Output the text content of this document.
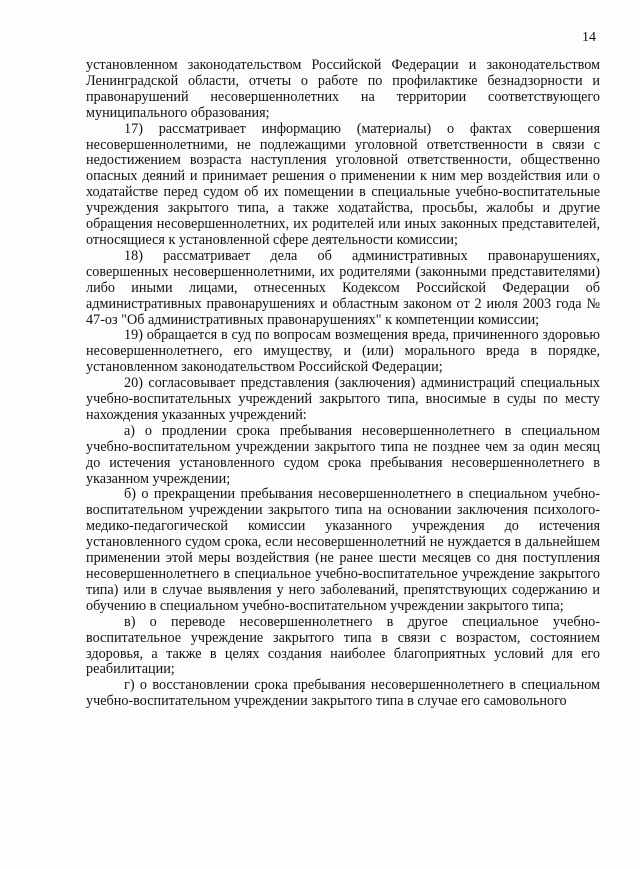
14

установленном законодательством Российской Федерации и законодательством Ленинградской области, отчеты о работе по профилактике безнадзорности и правонарушений несовершеннолетних на территории соответствующего муниципального образования;

17) рассматривает информацию (материалы) о фактах совершения несовершеннолетними, не подлежащими уголовной ответственности в связи с недостижением возраста наступления уголовной ответственности, общественно опасных деяний и принимает решения о применении к ним мер воздействия или о ходатайстве перед судом об их помещении в специальные учебно-воспитательные учреждения закрытого типа, а также ходатайства, просьбы, жалобы и другие обращения несовершеннолетних, их родителей или иных законных представителей, относящиеся к установленной сфере деятельности комиссии;

18) рассматривает дела об административных правонарушениях, совершенных несовершеннолетними, их родителями (законными представителями) либо иными лицами, отнесенных Кодексом Российской Федерации об административных правонарушениях и областным законом от 2 июля 2003 года № 47-оз "Об административных правонарушениях" к компетенции комиссии;

19) обращается в суд по вопросам возмещения вреда, причиненного здоровью несовершеннолетнего, его имуществу, и (или) морального вреда в порядке, установленном законодательством Российской Федерации;

20) согласовывает представления (заключения) администраций специальных учебно-воспитательных учреждений закрытого типа, вносимые в суды по месту нахождения указанных учреждений:

а) о продлении срока пребывания несовершеннолетнего в специальном учебно-воспитательном учреждении закрытого типа не позднее чем за один месяц до истечения установленного судом срока пребывания несовершеннолетнего в указанном учреждении;

б) о прекращении пребывания несовершеннолетнего в специальном учебно-воспитательном учреждении закрытого типа на основании заключения психолого-медико-педагогической комиссии указанного учреждения до истечения установленного судом срока, если несовершеннолетний не нуждается в дальнейшем применении этой меры воздействия (не ранее шести месяцев со дня поступления несовершеннолетнего в специальное учебно-воспитательное учреждение закрытого типа) или в случае выявления у него заболеваний, препятствующих содержанию и обучению в специальном учебно-воспитательном учреждении закрытого типа;

в) о переводе несовершеннолетнего в другое специальное учебно-воспитательное учреждение закрытого типа в связи с возрастом, состоянием здоровья, а также в целях создания наиболее благоприятных условий для его реабилитации;

г) о восстановлении срока пребывания несовершеннолетнего в специальном учебно-воспитательном учреждении закрытого типа в случае его самовольного
